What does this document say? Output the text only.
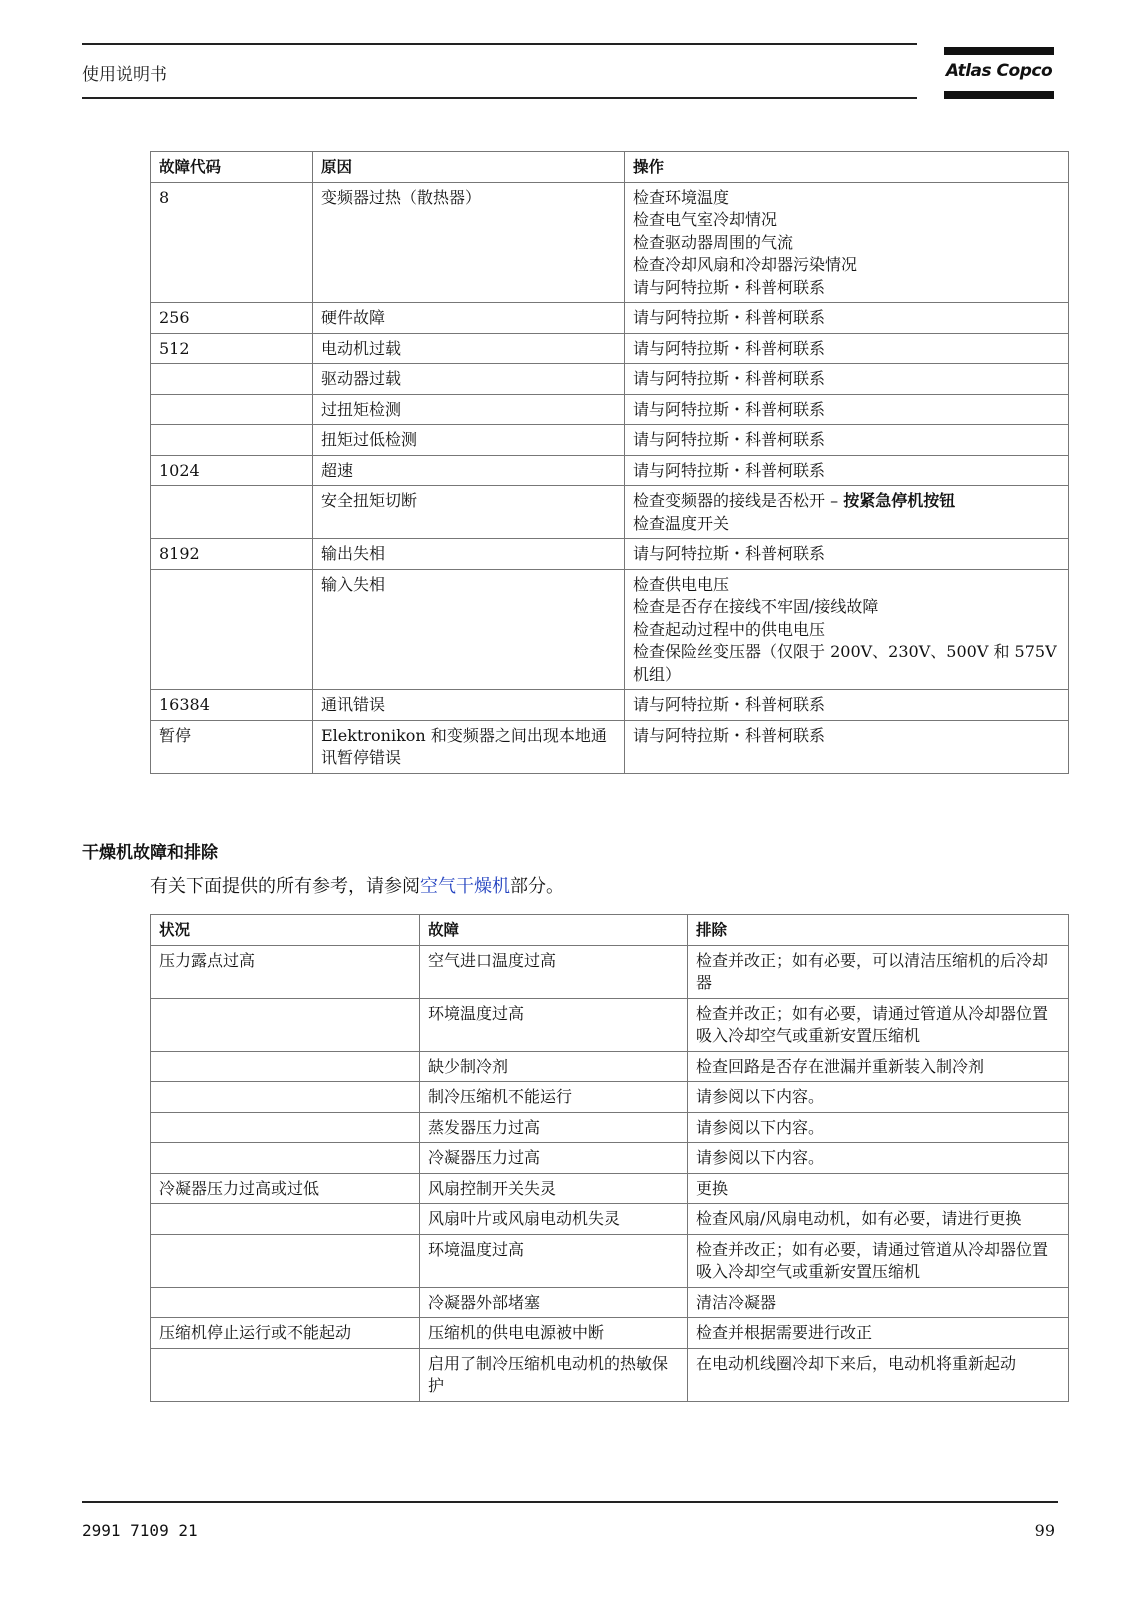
使用说明书	Atlas Copco
故障代码	原因	操作

8	变频器过热（散热器）	检查环境温度
检查电气室冷却情况
检查驱动器周围的气流
检查冷却风扇和冷却器污染情况
请与阿特拉斯・科普柯联系

256	硬件故障	请与阿特拉斯・科普柯联系

512	电动机过载	请与阿特拉斯・科普柯联系

	驱动器过载	请与阿特拉斯・科普柯联系

	过扭矩检测	请与阿特拉斯・科普柯联系

	扭矩过低检测	请与阿特拉斯・科普柯联系

1024	超速	请与阿特拉斯・科普柯联系

	安全扭矩切断	检查变频器的接线是否松开 – 按紧急停机按钮
检查温度开关

8192	输出失相	请与阿特拉斯・科普柯联系

	输入失相	检查供电电压
检查是否存在接线不牢固/接线故障
检查起动过程中的供电电压
检查保险丝变压器（仅限于 200V、230V、500V 和 575V 机组）

16384	通讯错误	请与阿特拉斯・科普柯联系

暂停	Elektronikon 和变频器之间出现本地通讯暂停错误	请与阿特拉斯・科普柯联系
干燥机故障和排除
有关下面提供的所有参考，请参阅空气干燥机部分。
状况	故障	排除
压力露点过高	空气进口温度过高	检查并改正；如有必要，可以清洁压缩机的后冷却器
	环境温度过高	检查并改正；如有必要，请通过管道从冷却器位置吸入冷却空气或重新安置压缩机
	缺少制冷剂	检查回路是否存在泄漏并重新装入制冷剂
	制冷压缩机不能运行	请参阅以下内容。
	蒸发器压力过高	请参阅以下内容。
	冷凝器压力过高	请参阅以下内容。
冷凝器压力过高或过低	风扇控制开关失灵	更换
	风扇叶片或风扇电动机失灵	检查风扇/风扇电动机，如有必要，请进行更换
	环境温度过高	检查并改正；如有必要，请通过管道从冷却器位置吸入冷却空气或重新安置压缩机
	冷凝器外部堵塞	清洁冷凝器
压缩机停止运行或不能起动	压缩机的供电电源被中断	检查并根据需要进行改正
	启用了制冷压缩机电动机的热敏保护	在电动机线圈冷却下来后，电动机将重新起动
2991 7109 21	99
